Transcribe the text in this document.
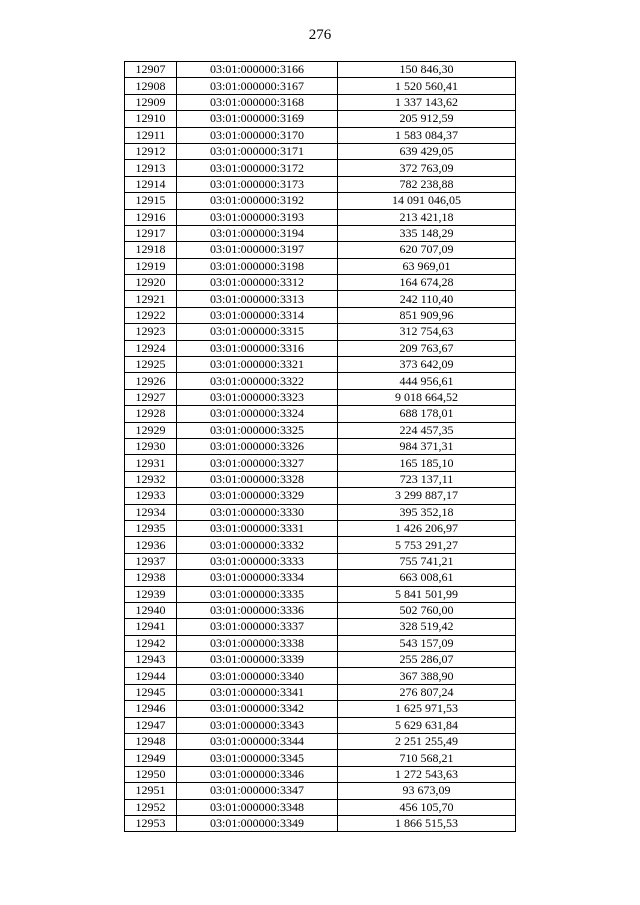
276
12907	03:01:000000:3166	150 846,30
12908	03:01:000000:3167	1 520 560,41
12909	03:01:000000:3168	1 337 143,62
12910	03:01:000000:3169	205 912,59
12911	03:01:000000:3170	1 583 084,37
12912	03:01:000000:3171	639 429,05
12913	03:01:000000:3172	372 763,09
12914	03:01:000000:3173	782 238,88
12915	03:01:000000:3192	14 091 046,05
12916	03:01:000000:3193	213 421,18
12917	03:01:000000:3194	335 148,29
12918	03:01:000000:3197	620 707,09
12919	03:01:000000:3198	63 969,01
12920	03:01:000000:3312	164 674,28
12921	03:01:000000:3313	242 110,40
12922	03:01:000000:3314	851 909,96
12923	03:01:000000:3315	312 754,63
12924	03:01:000000:3316	209 763,67
12925	03:01:000000:3321	373 642,09
12926	03:01:000000:3322	444 956,61
12927	03:01:000000:3323	9 018 664,52
12928	03:01:000000:3324	688 178,01
12929	03:01:000000:3325	224 457,35
12930	03:01:000000:3326	984 371,31
12931	03:01:000000:3327	165 185,10
12932	03:01:000000:3328	723 137,11
12933	03:01:000000:3329	3 299 887,17
12934	03:01:000000:3330	395 352,18
12935	03:01:000000:3331	1 426 206,97
12936	03:01:000000:3332	5 753 291,27
12937	03:01:000000:3333	755 741,21
12938	03:01:000000:3334	663 008,61
12939	03:01:000000:3335	5 841 501,99
12940	03:01:000000:3336	502 760,00
12941	03:01:000000:3337	328 519,42
12942	03:01:000000:3338	543 157,09
12943	03:01:000000:3339	255 286,07
12944	03:01:000000:3340	367 388,90
12945	03:01:000000:3341	276 807,24
12946	03:01:000000:3342	1 625 971,53
12947	03:01:000000:3343	5 629 631,84
12948	03:01:000000:3344	2 251 255,49
12949	03:01:000000:3345	710 568,21
12950	03:01:000000:3346	1 272 543,63
12951	03:01:000000:3347	93 673,09
12952	03:01:000000:3348	456 105,70
12953	03:01:000000:3349	1 866 515,53
